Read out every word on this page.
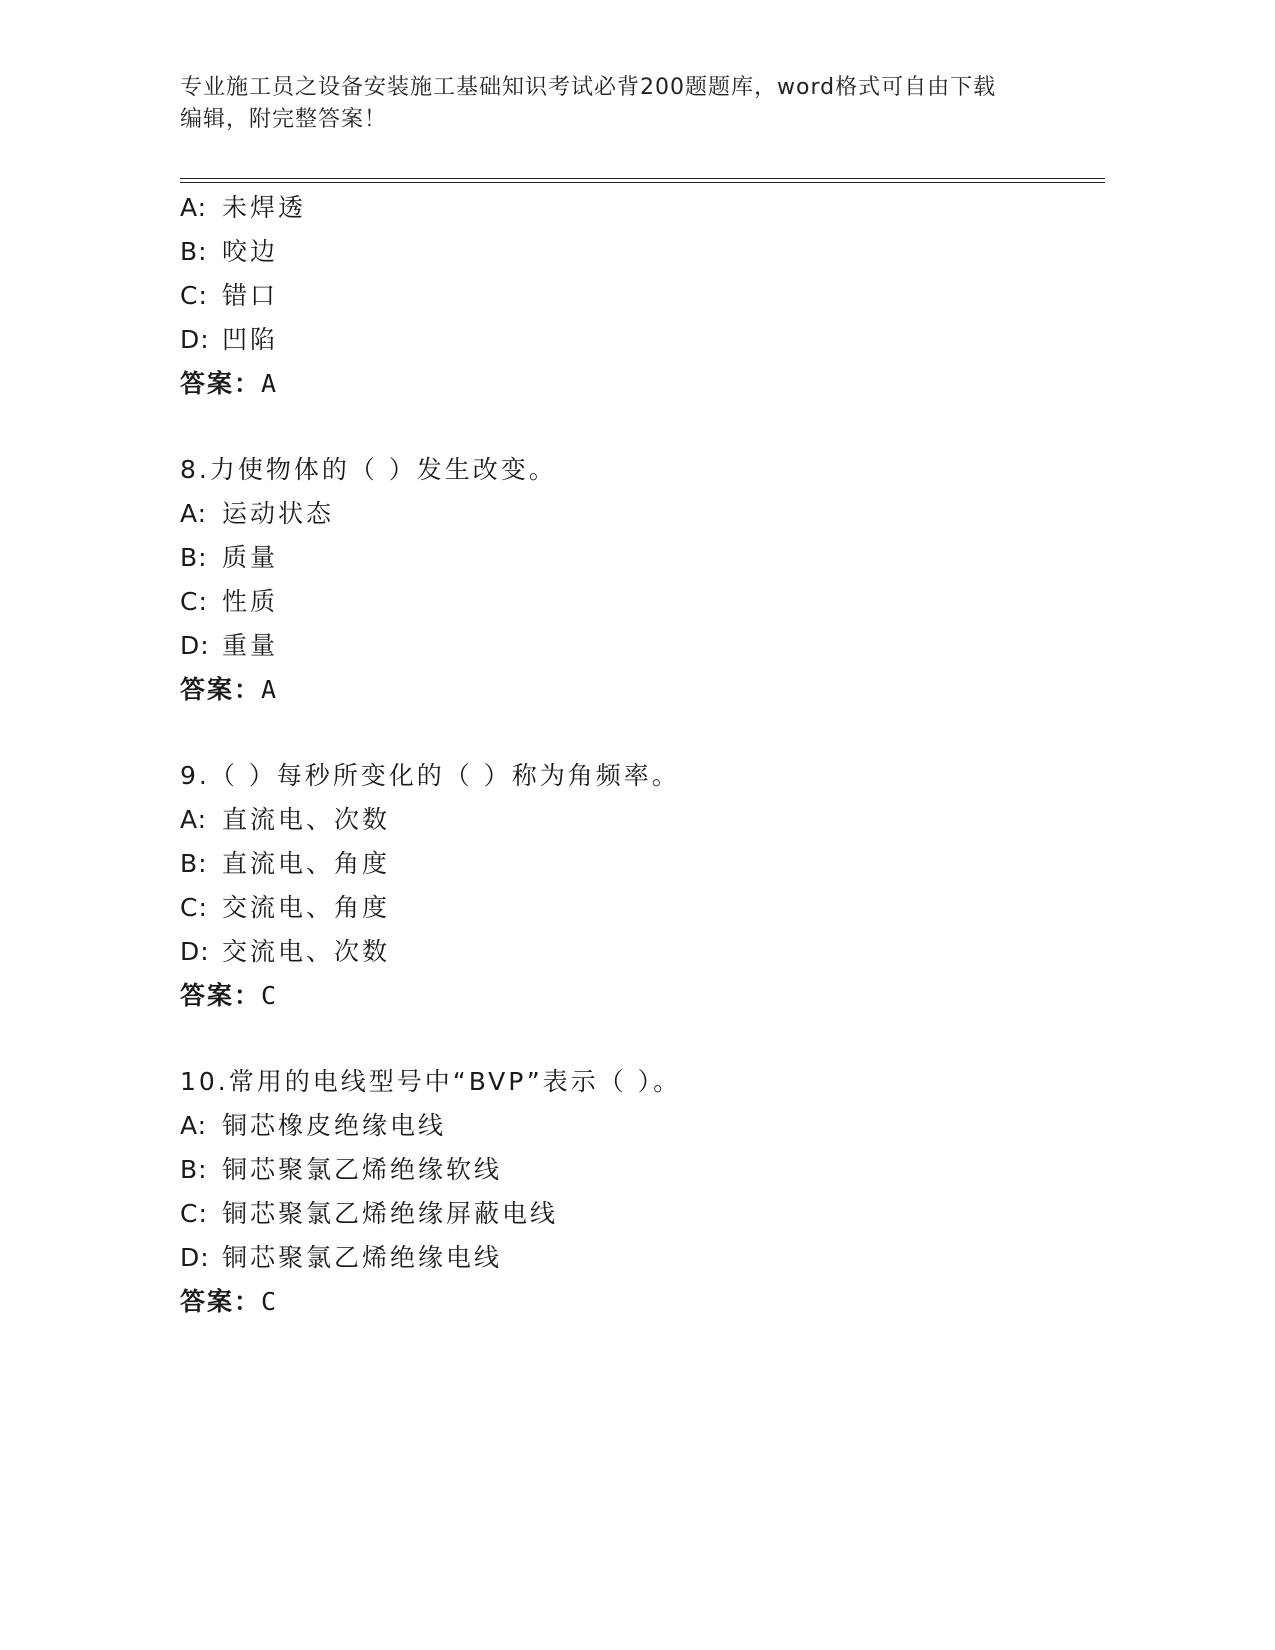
专业施工员之设备安装施工基础知识考试必背200题题库，word格式可自由下载
编辑，附完整答案！
A: 未焊透
B: 咬边
C: 错口
D: 凹陷
答案：A
8.力使物体的（ ）发生改变。
A: 运动状态
B: 质量
C: 性质
D: 重量
答案：A
9.（ ）每秒所变化的（ ）称为角频率。
A: 直流电、次数
B: 直流电、角度
C: 交流电、角度
D: 交流电、次数
答案：C
10.常用的电线型号中“BVP”表示（ ）。
A: 铜芯橡皮绝缘电线
B: 铜芯聚氯乙烯绝缘软线
C: 铜芯聚氯乙烯绝缘屏蔽电线
D: 铜芯聚氯乙烯绝缘电线
答案：C
